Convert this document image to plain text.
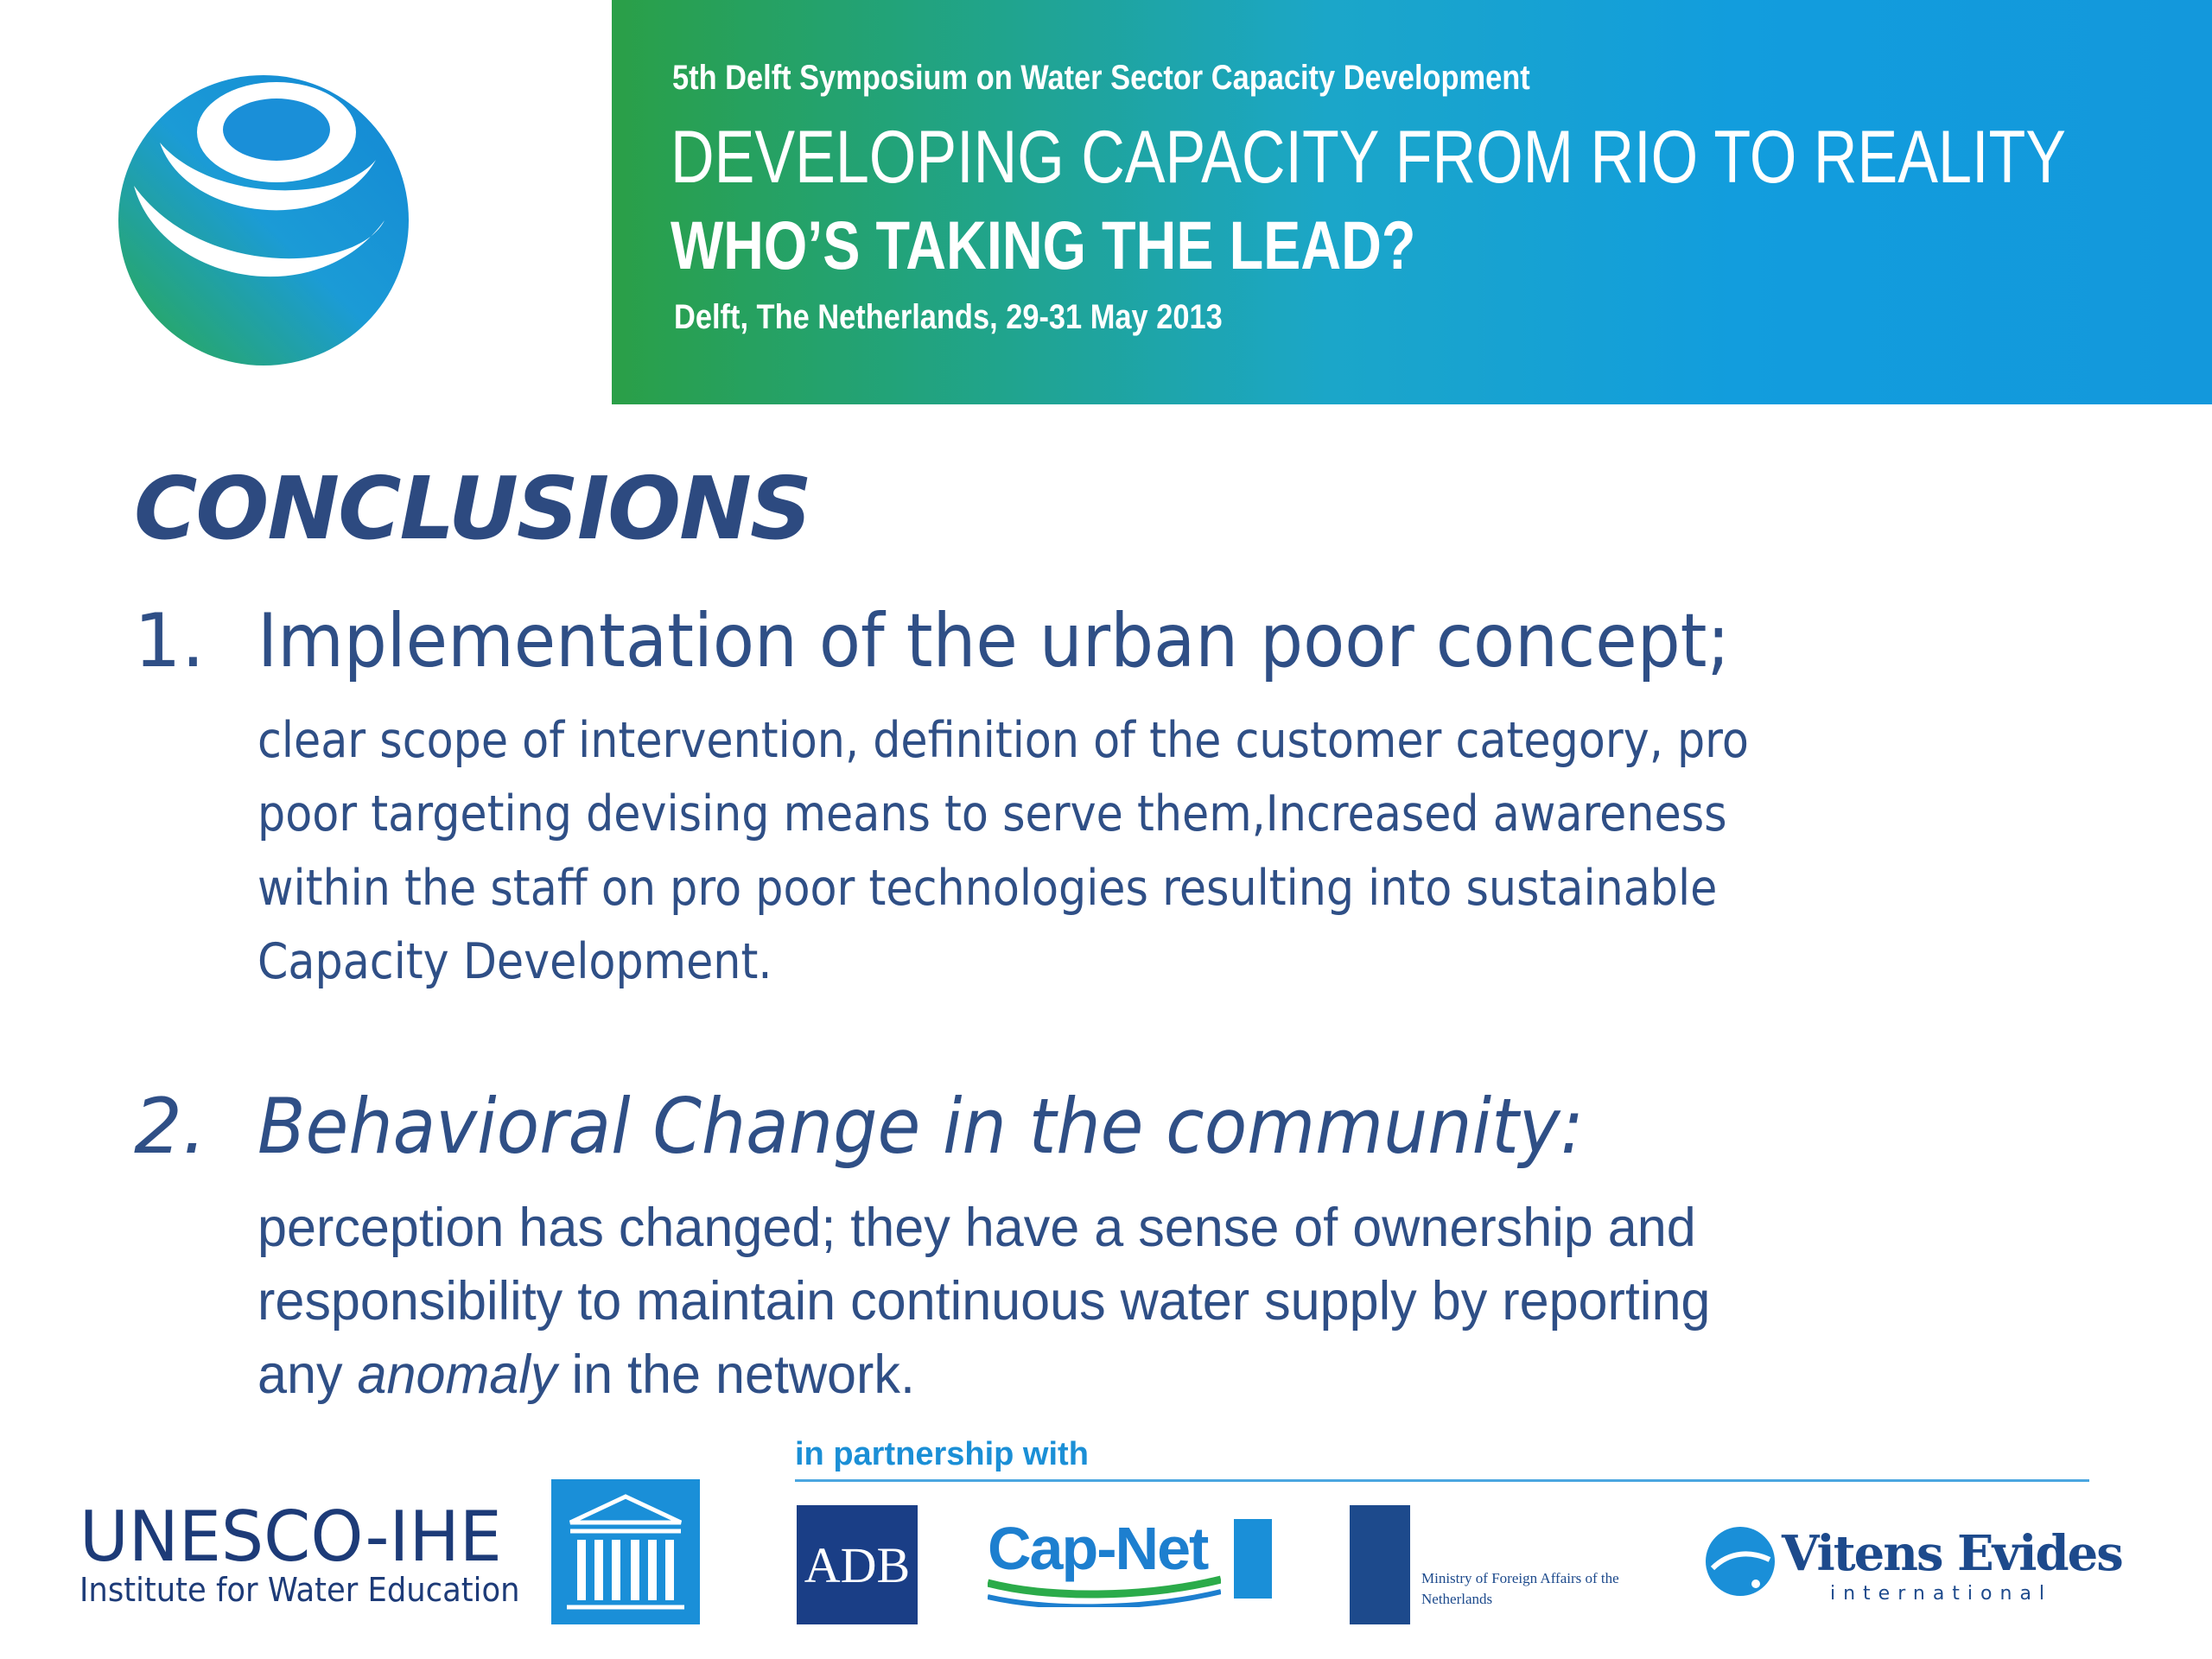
5th Delft Symposium on Water Sector Capacity Development
DEVELOPING CAPACITY FROM RIO TO REALITY
WHO’S TAKING THE LEAD?
Delft, The Netherlands, 29-31 May 2013
CONCLUSIONS
1. Implementation of the urban poor concept;
clear scope of intervention, definition of the customer category, pro
poor targeting devising means to serve them,Increased awareness
within the staff on pro poor technologies resulting into sustainable
Capacity Development.
2. Behavioral Change in the community:
perception has changed; they have a sense of ownership and
responsibility to maintain continuous water supply by reporting
any anomaly in the network.
in partnership with
UNESCO-IHE
Institute for Water Education	ADB Cap-Net	Ministry of Foreign Affairs of the Netherlands
Vitens Evides
international
